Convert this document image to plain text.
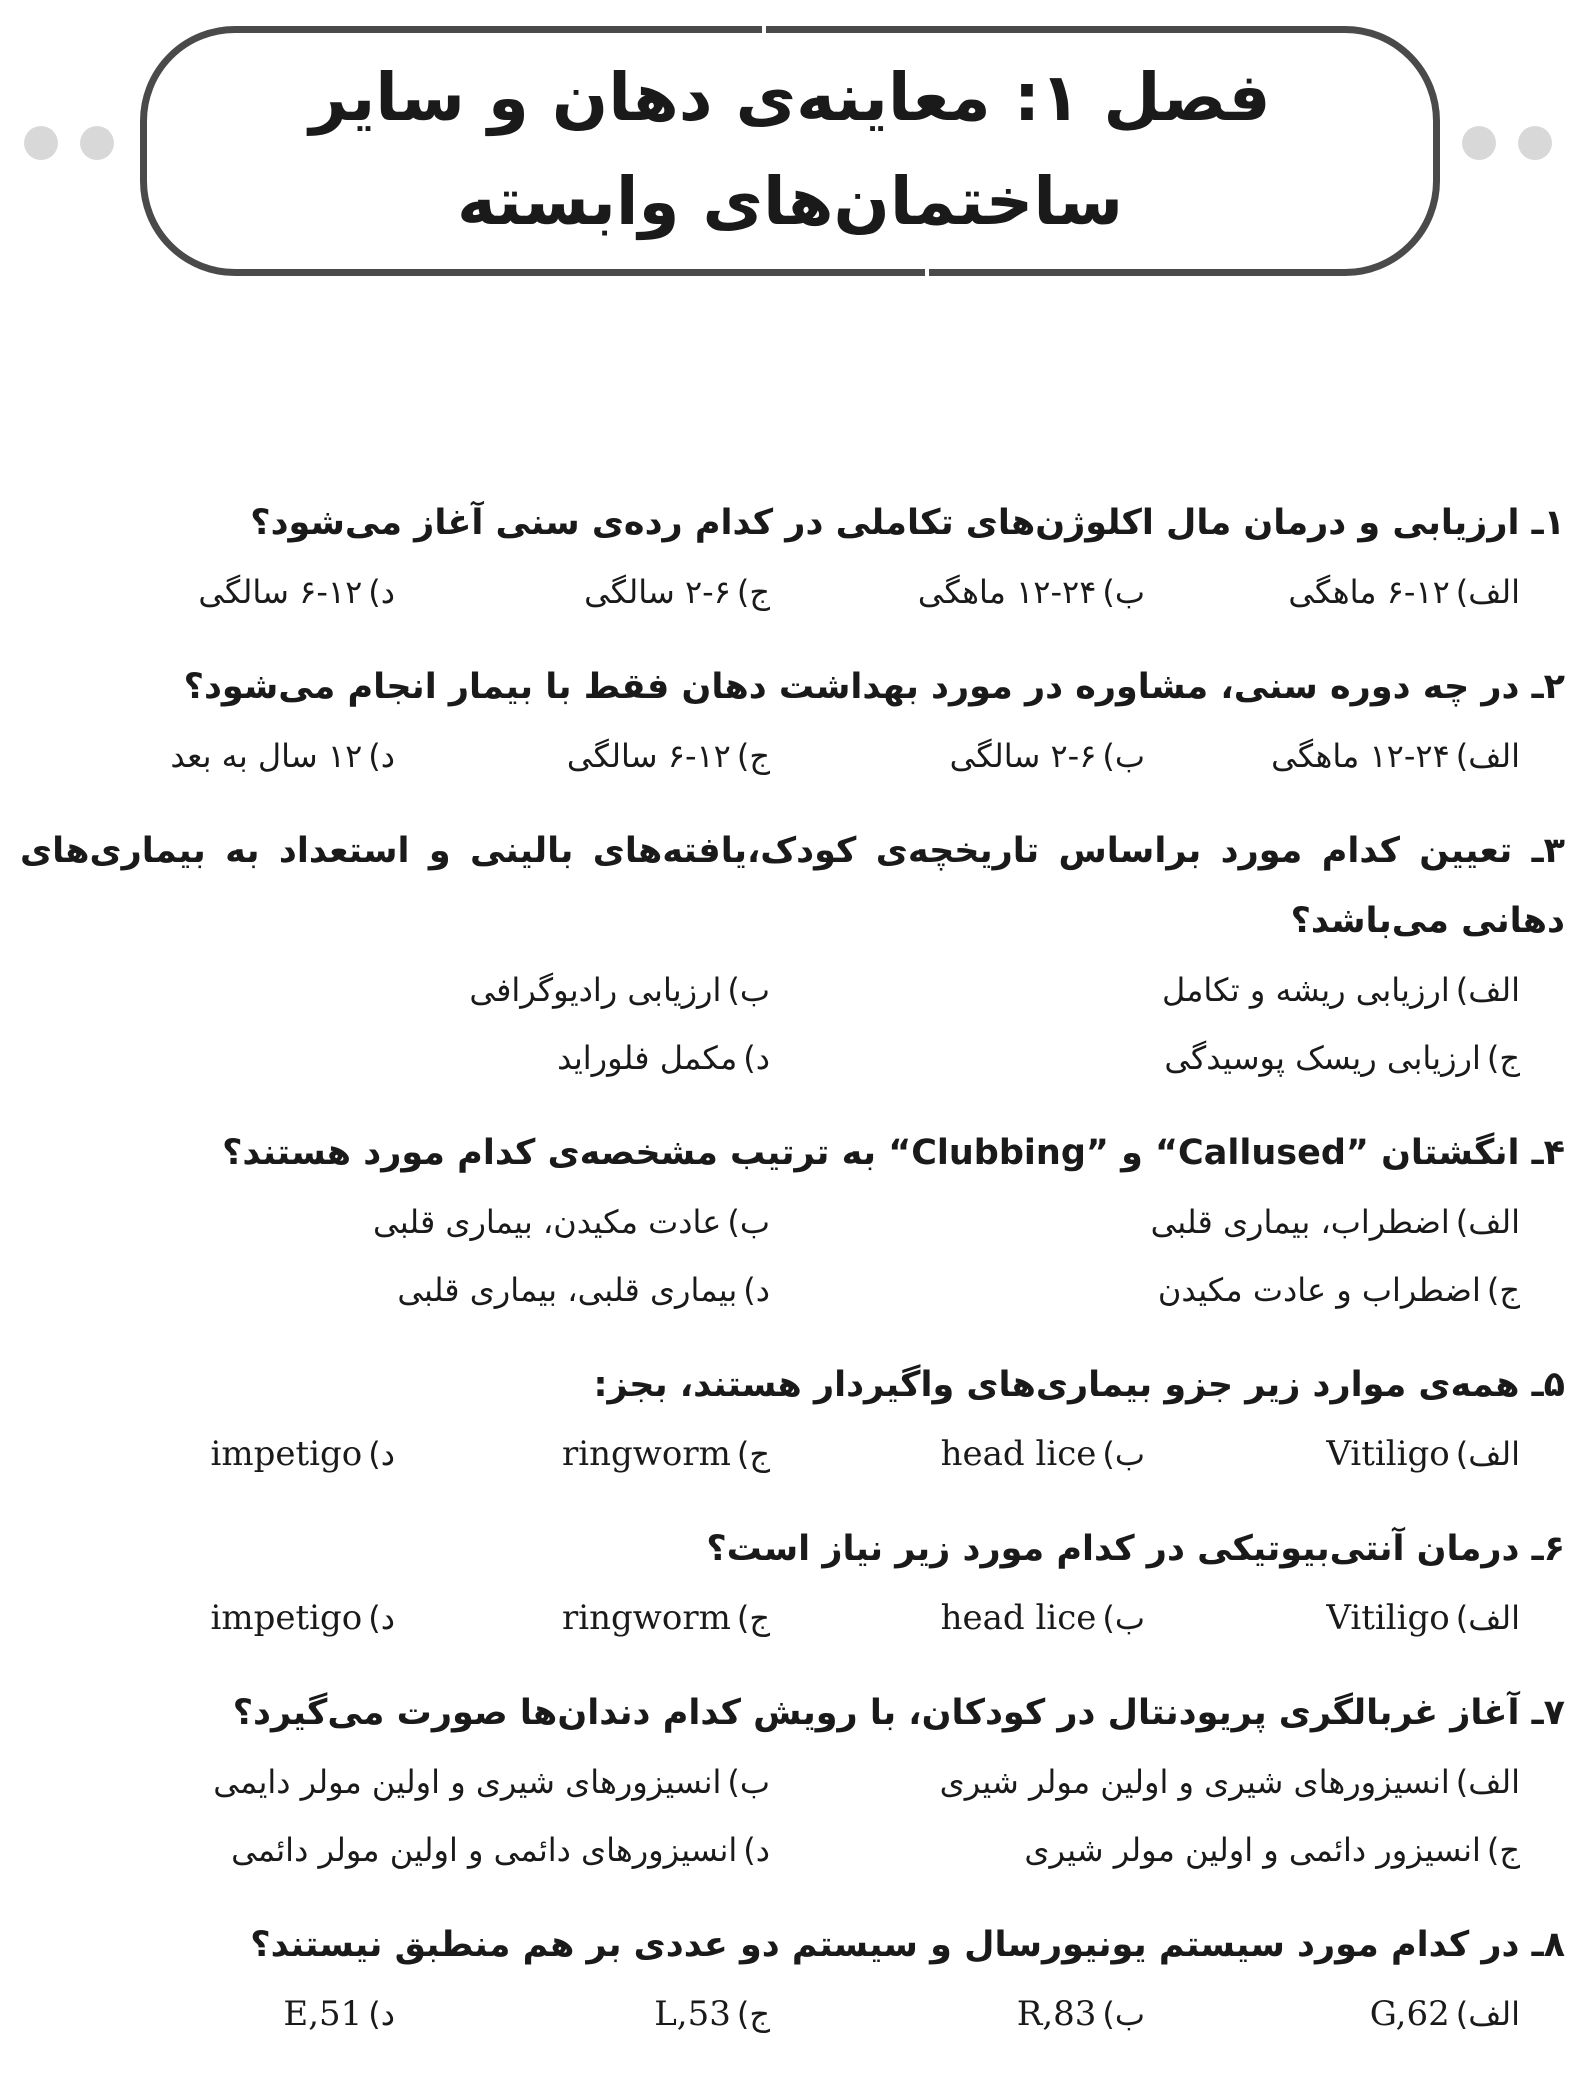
فصل ۱: معاینه‌ی دهان و سایر
ساختمان‌های وابسته
۱ـ ارزیابی و درمان مال اکلوژن‌های تکاملی در کدام رده‌ی سنی آغاز می‌شود؟
الف)۱۲-۶ ماهگی
ب)۲۴-۱۲ ماهگی
ج)۶-۲ سالگی
د)۱۲-۶ سالگی
۲ـ در چه دوره سنی، مشاوره در مورد بهداشت دهان فقط با بیمار انجام می‌شود؟
الف)۲۴-۱۲ ماهگی
ب)۶-۲ سالگی
ج)۱۲-۶ سالگی
د)۱۲ سال به بعد
۳ـ تعیین کدام مورد براساس تاریخچه‌ی کودک،یافته‌های بالینی و استعداد به بیماری‌های دهانی می‌باشد؟
الف)ارزیابی ریشه و تکامل
ب)ارزیابی رادیوگرافی
ج)ارزیابی ریسک پوسیدگی
د)مکمل فلوراید
۴ـ انگشتان ”Callused“ و ”Clubbing“ به ترتیب مشخصه‌ی کدام مورد هستند؟
الف)اضطراب، بیماری قلبی
ب)عادت مکیدن، بیماری قلبی
ج)اضطراب و عادت مکیدن
د)بیماری قلبی، بیماری قلبی
۵ـ همه‌ی موارد زیر جزو بیماری‌های واگیردار هستند، بجز:
الف)Vitiligo
ب)head lice
ج)ringworm
د)impetigo
۶ـ درمان آنتی‌بیوتیکی در کدام مورد زیر نیاز است؟
الف)Vitiligo
ب)head lice
ج)ringworm
د)impetigo
۷ـ آغاز غربالگری پریودنتال در کودکان، با رویش کدام دندان‌ها صورت می‌گیرد؟
الف)انسیزورهای شیری و اولین مولر شیری
ب)انسیزورهای شیری و اولین مولر دایمی
ج)انسیزور دائمی و اولین مولر شیری
د)انسیزورهای دائمی و اولین مولر دائمی
۸ـ در کدام مورد سیستم یونیورسال و سیستم دو عددی بر هم منطبق نیستند؟
الف)G,62
ب)R,83
ج)L,53
د)E,51
